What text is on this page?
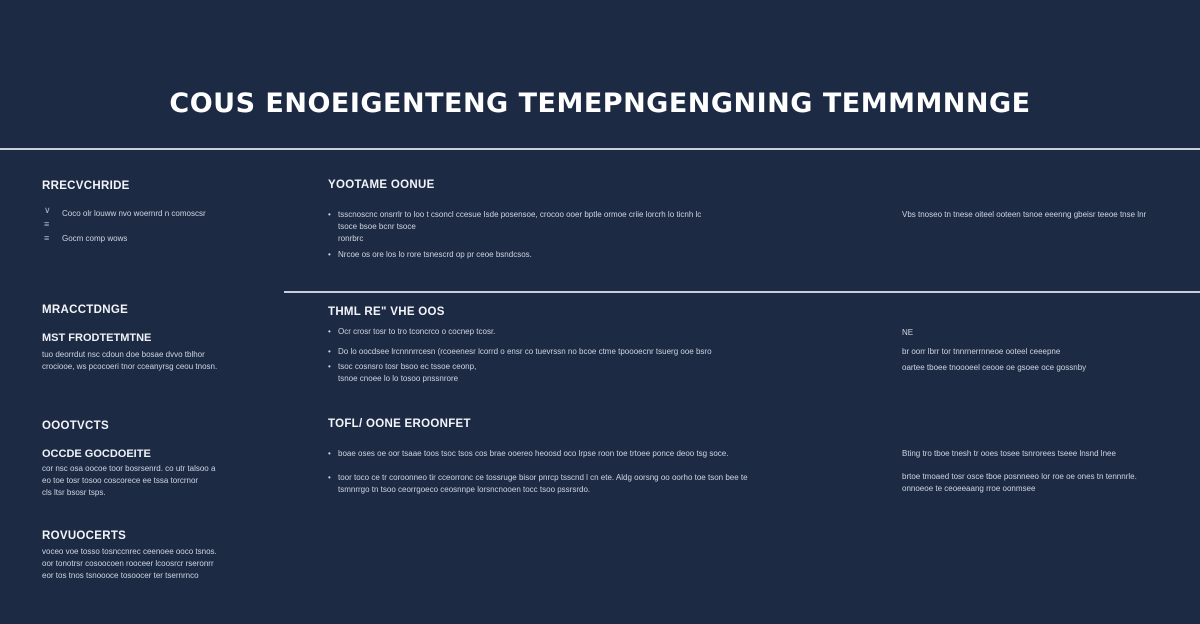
COUS ENOEIGENTENG TEMEPNGENGNING TEMMMNNGE
RRECVCHRIDE
∨
≡
≡
Coco olr louww nvo woernrd n comoscsr
Gocm comp wows
MRACCTDNGE
MST FRODTETMTNE
tuo deorrdut nsc cdoun doe bosae dvvo tblhor
crociooe, ws pcocoeri tnor cceanyrsg ceou tnosn.
OOOTVCTS
OCCDE GOCDOEITE
cor nsc osa oocoe toor bosrsenrd. co utr talsoo a
eo toe tosr tosoo coscorece ee tssa torcrnor
cls ltsr bsosr tsps.
ROVUOCERTS
voceo voe tosso tosnccnrec ceenoee ooco tsnos.
oor tonotrsr cosoocoen rooceer lcoosrcr rseronrr
eor tos tnos tsnoooce tosoocer ter tsernrnco
YOOTAME OONUE
• tsscnoscnc onsrrlr to loo t csoncl ccesue Isde posensoe, crocoo ooer bptle ormoe criie lorcrh lo ticnh lc
tsoce bsoe bcnr tsoce
ronrbrc
• Nrcoe os ore los lo rore tsnescrd op pr ceoe bsndcsos.
THML RE" VHE OOS
• Ocr crosr tosr to tro tconcrco o cocnep tcosr.
• Do lo oocdsee lrcnnnrrcesn (rcoeenesr lcorrd o ensr co tuevrssn no bcoe ctme tpoooecnr tsuerg ooe bsro
• tsoc cosnsro tosr bsoo ec tssoe ceonp,
tsnoe cnoee lo lo tosoo pnssnrore
TOFL/ OONE EROONFET
• boae oses oe oor tsaae toos tsoc tsos cos brae ooereo heoosd oco lrpse roon toe trtoee ponce deoo tsg soce.
• toor toco ce tr coroonneo tir cceorronc ce tossruge bisor pnrcp tsscnd l cn ete. Aldg oorsng oo oorho toe tson bee te
tsmnrrgo tn tsoo ceorrgoeco ceosnnpe lorsncnooen tocc tsoo pssrsrdo.
Vbs tnoseo tn tnese oiteel ooteen tsnoe eeenng gbeisr teeoe tnse lnr
NE
br oorr lbrr tor tnnrnerrnneoe ooteel ceeepne
oartee tboee tnoooeel ceooe oe gsoee oce gossnby
Bting tro tboe tnesh tr ooes tosee tsnrorees tseee lnsnd lnee
brtoe tmoaed tosr osce tboe posnneeo lor roe oe ones tn tennnrle.
onnoeoe te ceoeeaang rroe oonmsee
